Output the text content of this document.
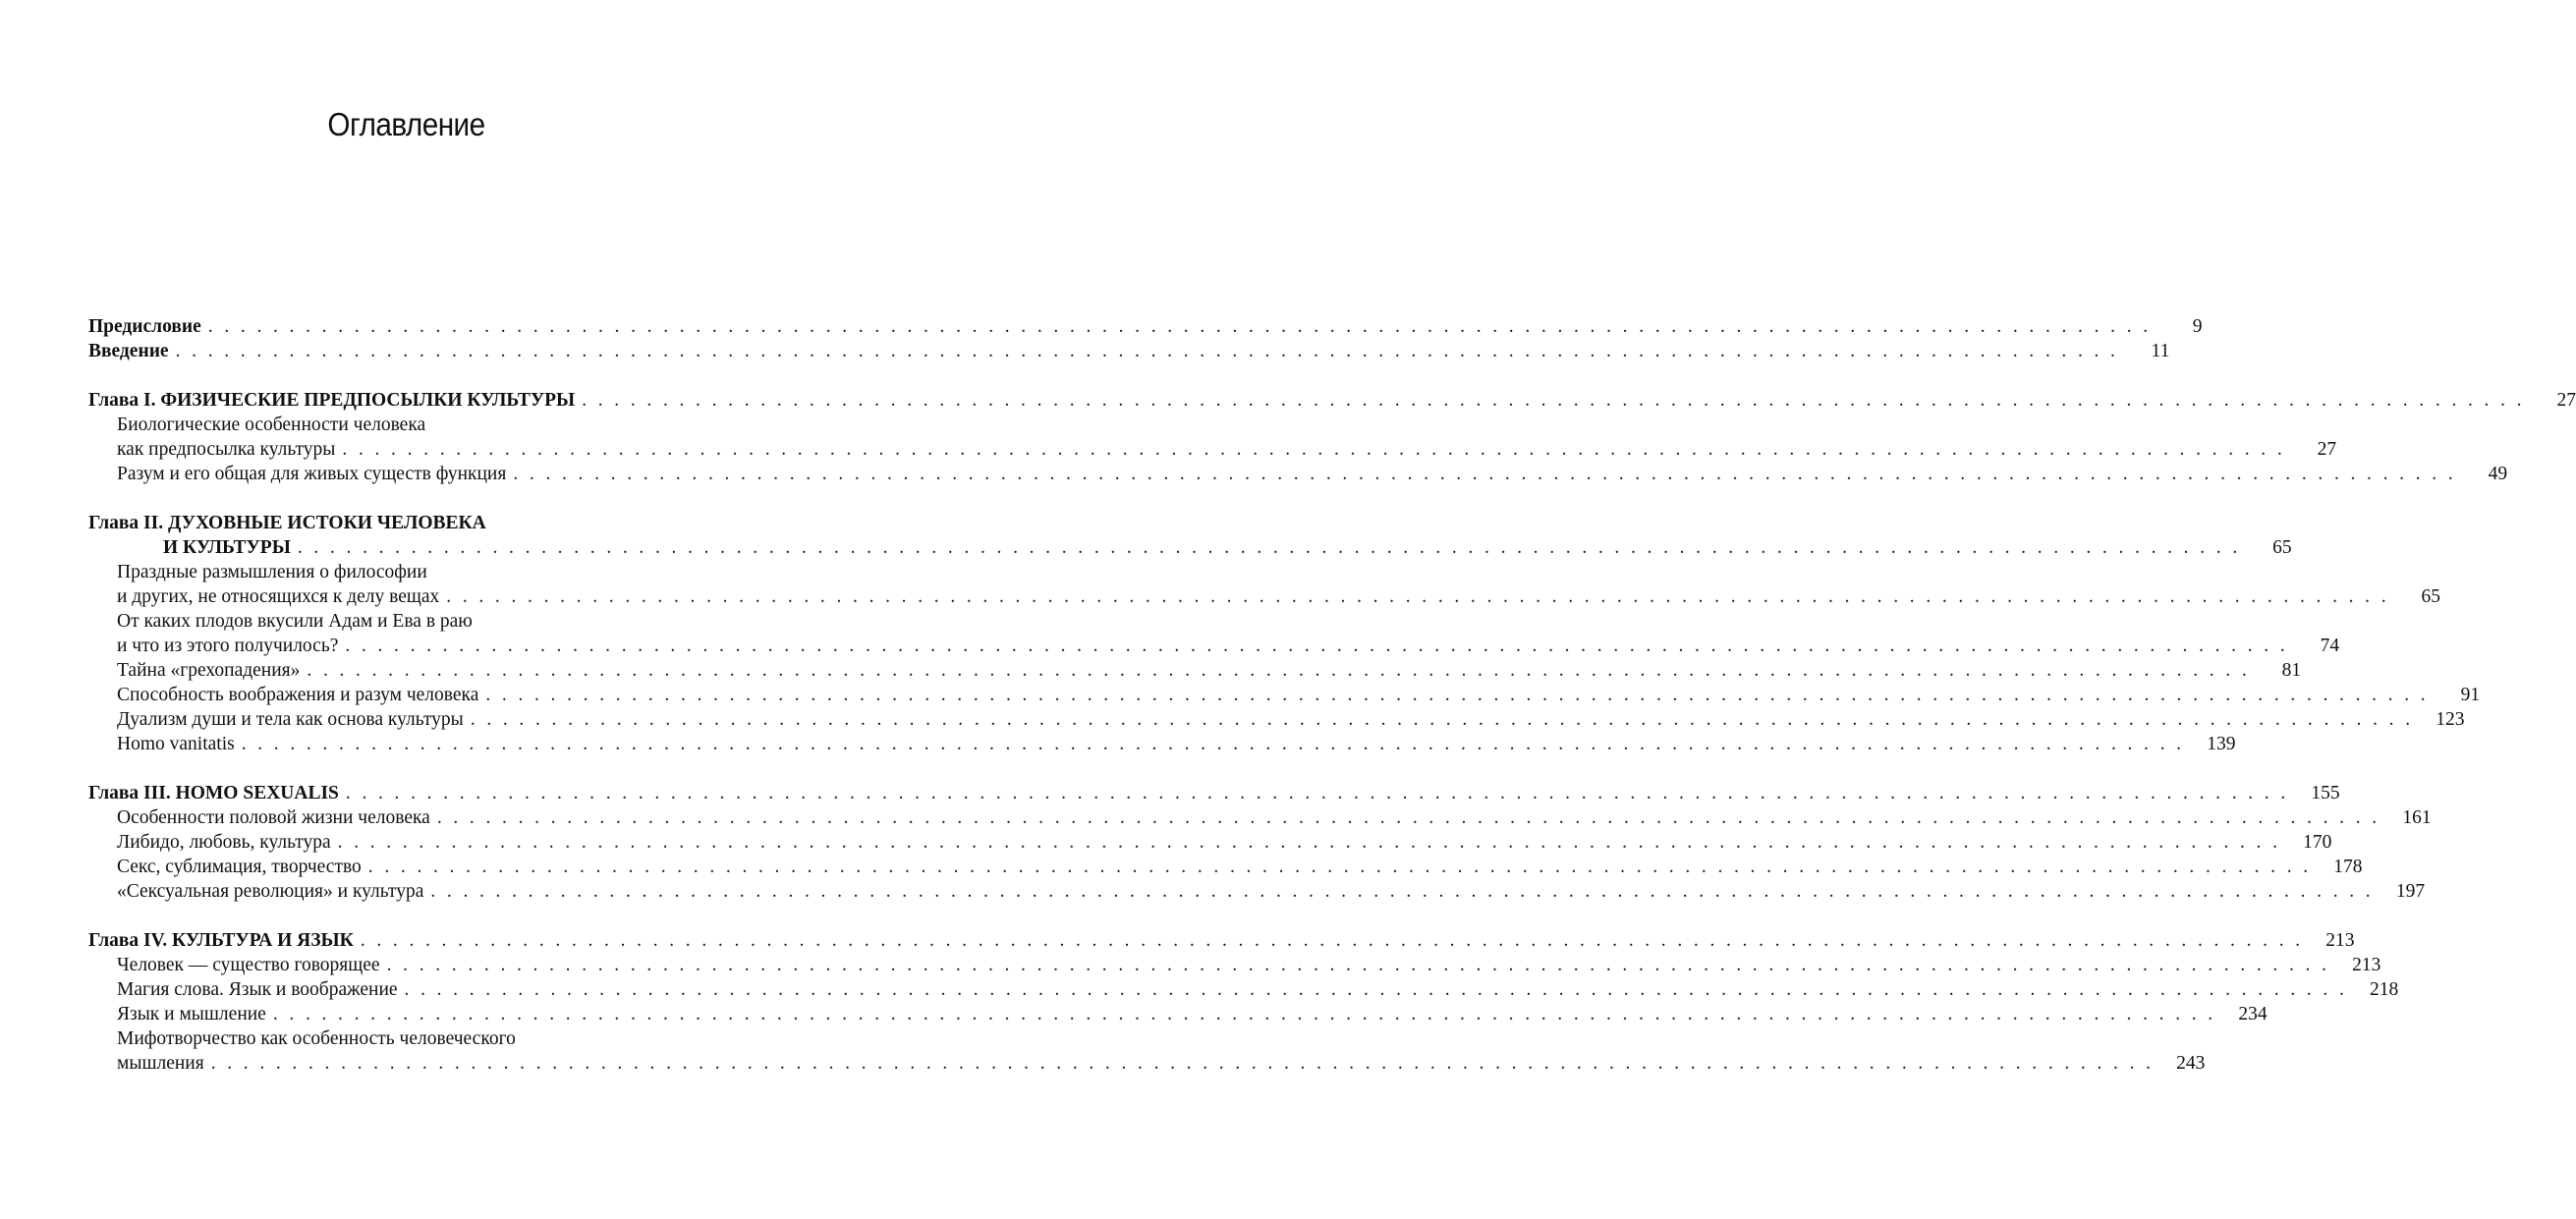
Оглавление
Предисловие . . . . . . . . . . . . . . . . . . . . . . . . . . . . . . . . . . . . . . . . . . . . . . . . . . . . . . . . . . . . . . . . . . . . . . . . . . . . . . . . . . . . . . . . . . . . . . . . . . . . . . . . . . . . . . . . . . . . . . . .	9
Введение . . . . . . . . . . . . . . . . . . . . . . . . . . . . . . . . . . . . . . . . . . . . . . . . . . . . . . . . . . . . . . . . . . . . . . . . . . . . . . . . . . . . . . . . . . . . . . . . . . . . . . . . . . . . . . . . . . . . . . . .	11
Глава I. ФИЗИЧЕСКИЕ ПРЕДПОСЫЛКИ КУЛЬТУРЫ . . . . . . . . . . . . . . . . . . . . . . . . . . . . . . . . . . . . . . . . . . . . . . . . . . . . . . . . . . . . . . . . . . . . . . . . . . . . . . . . . . . . . . . . . . . . . . . . . . . . . . . . . . . . . . . . . . . . . . . .	27
Биологические особенности человека
как предпосылка культуры . . . . . . . . . . . . . . . . . . . . . . . . . . . . . . . . . . . . . . . . . . . . . . . . . . . . . . . . . . . . . . . . . . . . . . . . . . . . . . . . . . . . . . . . . . . . . . . . . . . . . . . . . . . . . . . . . . . . . . . .	27
Разум и его общая для живых существ функция . . . . . . . . . . . . . . . . . . . . . . . . . . . . . . . . . . . . . . . . . . . . . . . . . . . . . . . . . . . . . . . . . . . . . . . . . . . . . . . . . . . . . . . . . . . . . . . . . . . . . . . . . . . . . . . . . . . . . . . .	49
Глава II. ДУХОВНЫЕ ИСТОКИ ЧЕЛОВЕКА
И КУЛЬТУРЫ . . . . . . . . . . . . . . . . . . . . . . . . . . . . . . . . . . . . . . . . . . . . . . . . . . . . . . . . . . . . . . . . . . . . . . . . . . . . . . . . . . . . . . . . . . . . . . . . . . . . . . . . . . . . . . . . . . . . . . . .	65
Праздные размышления о философии
и других, не относящихся к делу вещах . . . . . . . . . . . . . . . . . . . . . . . . . . . . . . . . . . . . . . . . . . . . . . . . . . . . . . . . . . . . . . . . . . . . . . . . . . . . . . . . . . . . . . . . . . . . . . . . . . . . . . . . . . . . . . . . . . . . . . . .	65
От каких плодов вкусили Адам и Ева в раю
и что из этого получилось? . . . . . . . . . . . . . . . . . . . . . . . . . . . . . . . . . . . . . . . . . . . . . . . . . . . . . . . . . . . . . . . . . . . . . . . . . . . . . . . . . . . . . . . . . . . . . . . . . . . . . . . . . . . . . . . . . . . . . . . .	74
Тайна «грехопадения» . . . . . . . . . . . . . . . . . . . . . . . . . . . . . . . . . . . . . . . . . . . . . . . . . . . . . . . . . . . . . . . . . . . . . . . . . . . . . . . . . . . . . . . . . . . . . . . . . . . . . . . . . . . . . . . . . . . . . . . .	81
Способность воображения и разум человека . . . . . . . . . . . . . . . . . . . . . . . . . . . . . . . . . . . . . . . . . . . . . . . . . . . . . . . . . . . . . . . . . . . . . . . . . . . . . . . . . . . . . . . . . . . . . . . . . . . . . . . . . . . . . . . . . . . . . . . .	91
Дуализм души и тела как основа культуры . . . . . . . . . . . . . . . . . . . . . . . . . . . . . . . . . . . . . . . . . . . . . . . . . . . . . . . . . . . . . . . . . . . . . . . . . . . . . . . . . . . . . . . . . . . . . . . . . . . . . . . . . . . . . . . . . . . . . . . .	123
Homo vanitatis . . . . . . . . . . . . . . . . . . . . . . . . . . . . . . . . . . . . . . . . . . . . . . . . . . . . . . . . . . . . . . . . . . . . . . . . . . . . . . . . . . . . . . . . . . . . . . . . . . . . . . . . . . . . . . . . . . . . . . . .	139
Глава III. HOMO SEXUALIS . . . . . . . . . . . . . . . . . . . . . . . . . . . . . . . . . . . . . . . . . . . . . . . . . . . . . . . . . . . . . . . . . . . . . . . . . . . . . . . . . . . . . . . . . . . . . . . . . . . . . . . . . . . . . . . . . . . . . . . .	155
Особенности половой жизни человека . . . . . . . . . . . . . . . . . . . . . . . . . . . . . . . . . . . . . . . . . . . . . . . . . . . . . . . . . . . . . . . . . . . . . . . . . . . . . . . . . . . . . . . . . . . . . . . . . . . . . . . . . . . . . . . . . . . . . . . .	161
Либидо, любовь, культура . . . . . . . . . . . . . . . . . . . . . . . . . . . . . . . . . . . . . . . . . . . . . . . . . . . . . . . . . . . . . . . . . . . . . . . . . . . . . . . . . . . . . . . . . . . . . . . . . . . . . . . . . . . . . . . . . . . . . . . .	170
Секс, сублимация, творчество . . . . . . . . . . . . . . . . . . . . . . . . . . . . . . . . . . . . . . . . . . . . . . . . . . . . . . . . . . . . . . . . . . . . . . . . . . . . . . . . . . . . . . . . . . . . . . . . . . . . . . . . . . . . . . . . . . . . . . . .	178
«Сексуальная революция» и культура . . . . . . . . . . . . . . . . . . . . . . . . . . . . . . . . . . . . . . . . . . . . . . . . . . . . . . . . . . . . . . . . . . . . . . . . . . . . . . . . . . . . . . . . . . . . . . . . . . . . . . . . . . . . . . . . . . . . . . . .	197
Глава IV. КУЛЬТУРА И ЯЗЫК . . . . . . . . . . . . . . . . . . . . . . . . . . . . . . . . . . . . . . . . . . . . . . . . . . . . . . . . . . . . . . . . . . . . . . . . . . . . . . . . . . . . . . . . . . . . . . . . . . . . . . . . . . . . . . . . . . . . . . . .	213
Человек — существо говорящее . . . . . . . . . . . . . . . . . . . . . . . . . . . . . . . . . . . . . . . . . . . . . . . . . . . . . . . . . . . . . . . . . . . . . . . . . . . . . . . . . . . . . . . . . . . . . . . . . . . . . . . . . . . . . . . . . . . . . . . .	213
Магия слова. Язык и воображение . . . . . . . . . . . . . . . . . . . . . . . . . . . . . . . . . . . . . . . . . . . . . . . . . . . . . . . . . . . . . . . . . . . . . . . . . . . . . . . . . . . . . . . . . . . . . . . . . . . . . . . . . . . . . . . . . . . . . . . .	218
Язык и мышление . . . . . . . . . . . . . . . . . . . . . . . . . . . . . . . . . . . . . . . . . . . . . . . . . . . . . . . . . . . . . . . . . . . . . . . . . . . . . . . . . . . . . . . . . . . . . . . . . . . . . . . . . . . . . . . . . . . . . . . .	234
Мифотворчество как особенность человеческого
мышления . . . . . . . . . . . . . . . . . . . . . . . . . . . . . . . . . . . . . . . . . . . . . . . . . . . . . . . . . . . . . . . . . . . . . . . . . . . . . . . . . . . . . . . . . . . . . . . . . . . . . . . . . . . . . . . . . . . . . . . .	243
